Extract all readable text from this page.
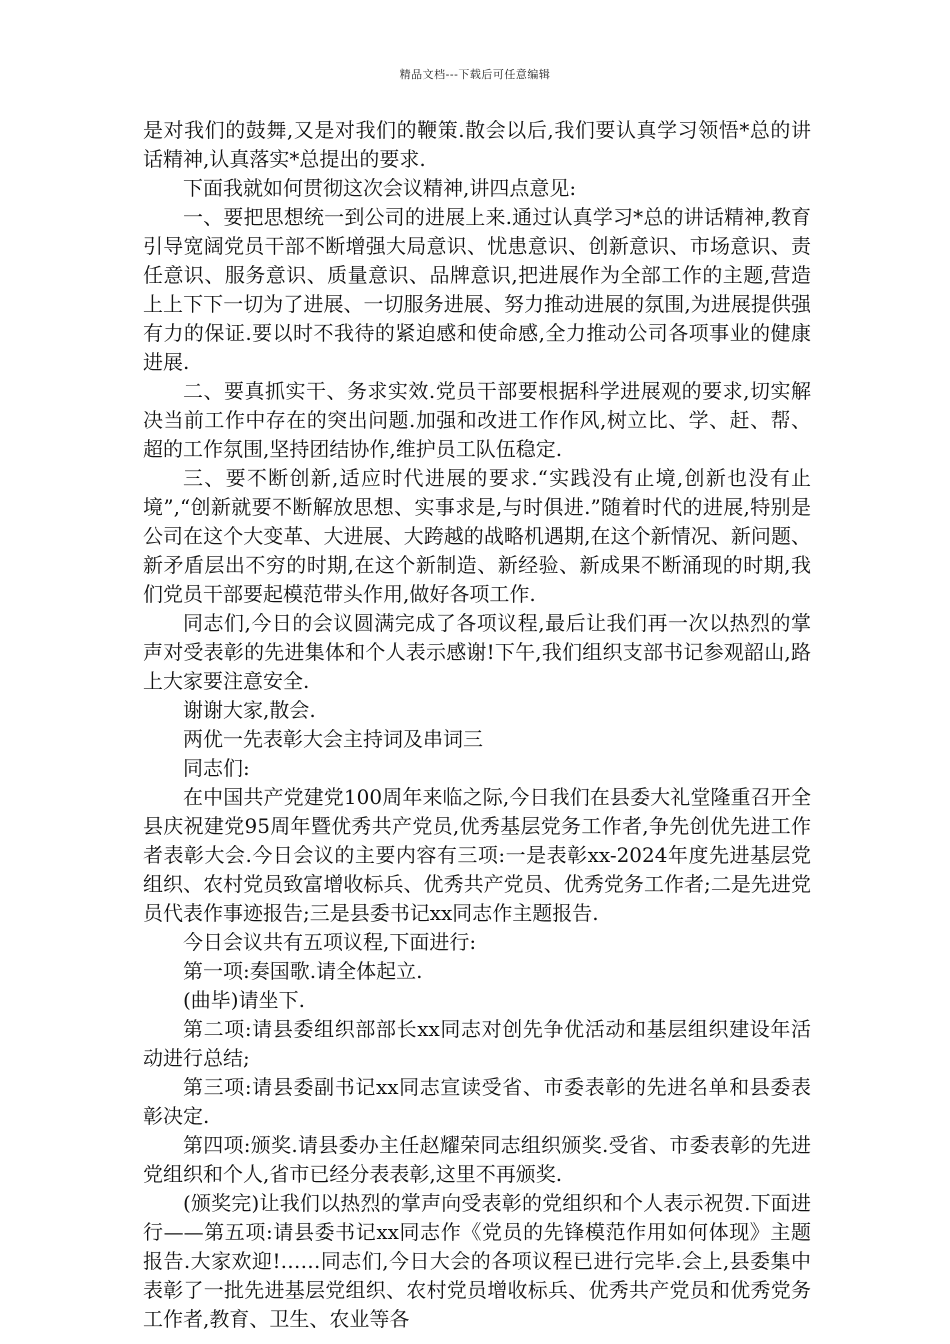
精品文档---下载后可任意编辑

是对我们的鼓舞,又是对我们的鞭策.散会以后,我们要认真学习领悟*总的讲话精神,认真落实*总提出的要求.

下面我就如何贯彻这次会议精神,讲四点意见:

一、要把思想统一到公司的进展上来.通过认真学习*总的讲话精神,教育引导宽阔党员干部不断增强大局意识、忧患意识、创新意识、市场意识、责任意识、服务意识、质量意识、品牌意识,把进展作为全部工作的主题,营造上上下下一切为了进展、一切服务进展、努力推动进展的氛围,为进展提供强有力的保证.要以时不我待的紧迫感和使命感,全力推动公司各项事业的健康进展.

二、要真抓实干、务求实效.党员干部要根据科学进展观的要求,切实解决当前工作中存在的突出问题.加强和改进工作作风,树立比、学、赶、帮、超的工作氛围,坚持团结协作,维护员工队伍稳定.

三、要不断创新,适应时代进展的要求.“实践没有止境,创新也没有止境”,“创新就要不断解放思想、实事求是,与时俱进.”随着时代的进展,特别是公司在这个大变革、大进展、大跨越的战略机遇期,在这个新情况、新问题、新矛盾层出不穷的时期,在这个新制造、新经验、新成果不断涌现的时期,我们党员干部要起模范带头作用,做好各项工作.

同志们,今日的会议圆满完成了各项议程,最后让我们再一次以热烈的掌声对受表彰的先进集体和个人表示感谢!下午,我们组织支部书记参观韶山,路上大家要注意安全.

谢谢大家,散会.

两优一先表彰大会主持词及串词三

同志们:

在中国共产党建党100周年来临之际,今日我们在县委大礼堂隆重召开全县庆祝建党95周年暨优秀共产党员,优秀基层党务工作者,争先创优先进工作者表彰大会.今日会议的主要内容有三项:一是表彰xx-2024年度先进基层党组织、农村党员致富增收标兵、优秀共产党员、优秀党务工作者;二是先进党员代表作事迹报告;三是县委书记xx同志作主题报告.

今日会议共有五项议程,下面进行:

第一项:奏国歌.请全体起立.

(曲毕)请坐下.

第二项:请县委组织部部长xx同志对创先争优活动和基层组织建设年活动进行总结;

第三项:请县委副书记xx同志宣读受省、市委表彰的先进名单和县委表彰决定.

第四项:颁奖.请县委办主任赵耀荣同志组织颁奖.受省、市委表彰的先进党组织和个人,省市已经分表表彰,这里不再颁奖.

(颁奖完)让我们以热烈的掌声向受表彰的党组织和个人表示祝贺.下面进行——第五项:请县委书记xx同志作《党员的先锋模范作用如何体现》主题报告.大家欢迎!……同志们,今日大会的各项议程已进行完毕.会上,县委集中表彰了一批先进基层党组织、农村党员增收标兵、优秀共产党员和优秀党务工作者,教育、卫生、农业等各
